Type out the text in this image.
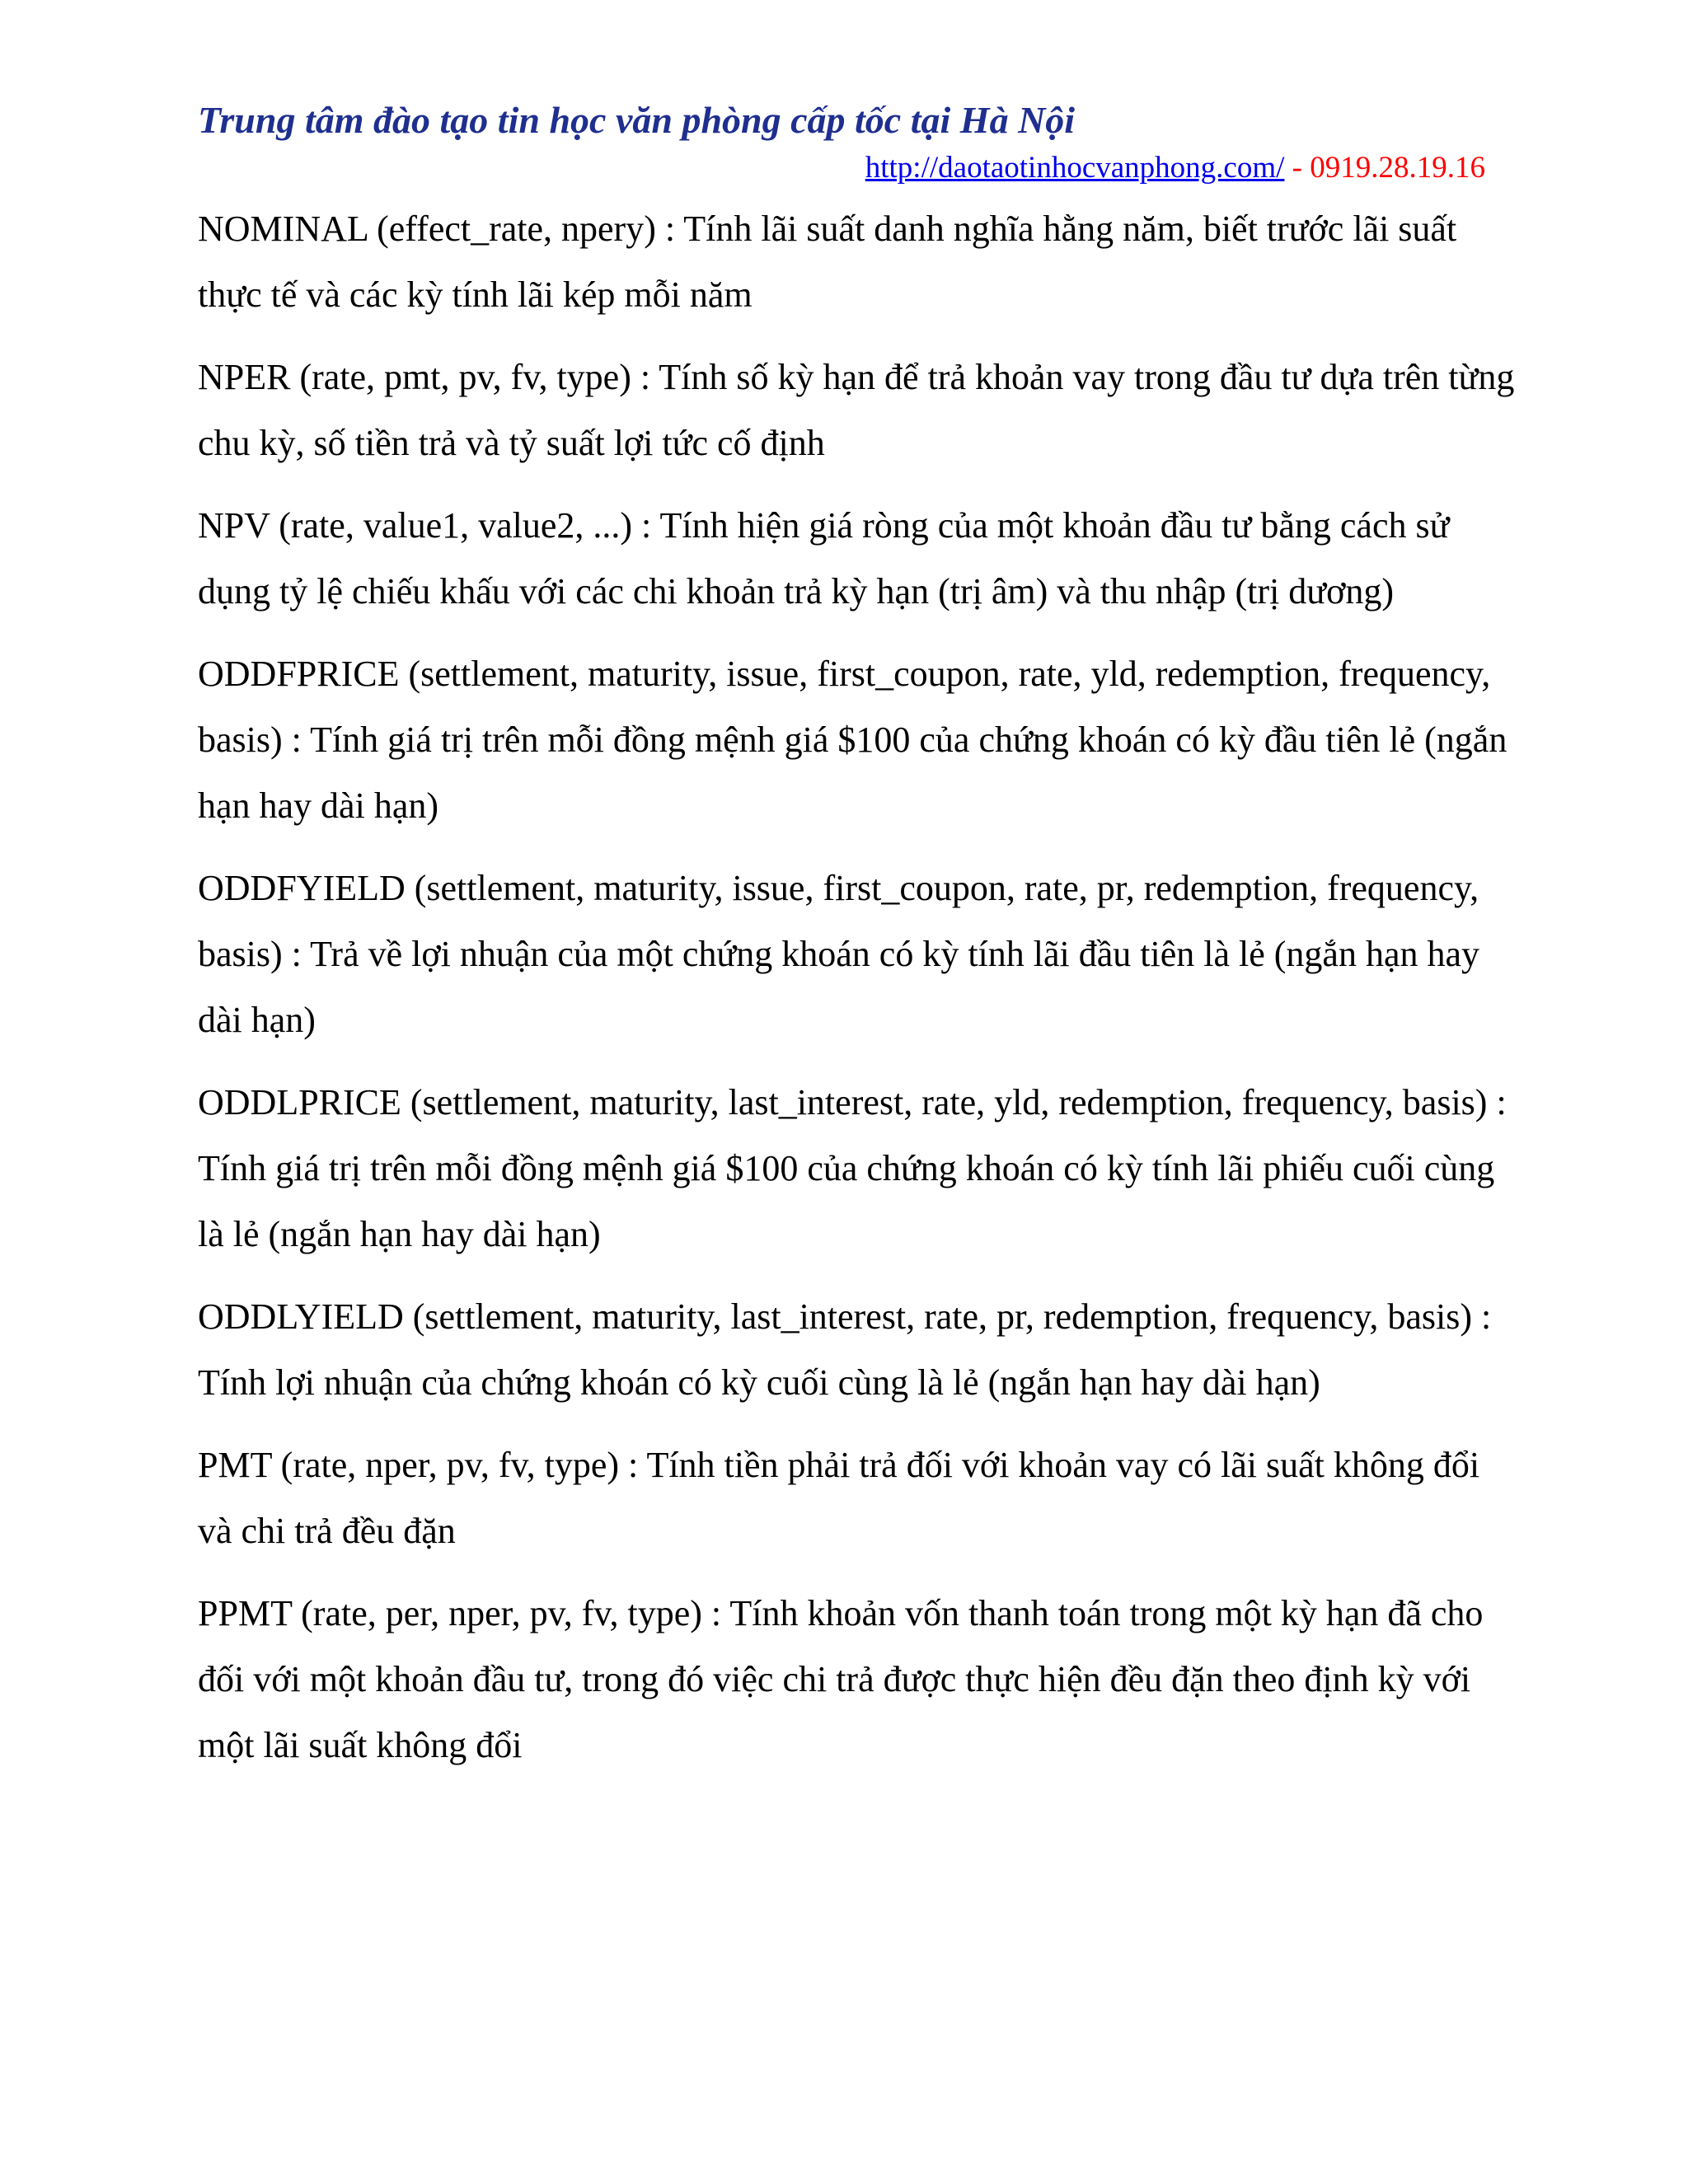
Trung tâm đào tạo tin học văn phòng cấp tốc tại Hà Nội
http://daotaotinhocvanphong.com/ - 0919.28.19.16

NOMINAL (effect_rate, npery) : Tính lãi suất danh nghĩa hằng năm, biết trước lãi suất thực tế và các kỳ tính lãi kép mỗi năm

NPER (rate, pmt, pv, fv, type) : Tính số kỳ hạn để trả khoản vay trong đầu tư dựa trên từng chu kỳ, số tiền trả và tỷ suất lợi tức cố định

NPV (rate, value1, value2, ...) : Tính hiện giá ròng của một khoản đầu tư bằng cách sử dụng tỷ lệ chiếu khấu với các chi khoản trả kỳ hạn (trị âm) và thu nhập (trị dương)

ODDFPRICE (settlement, maturity, issue, first_coupon, rate, yld, redemption, frequency, basis) : Tính giá trị trên mỗi đồng mệnh giá $100 của chứng khoán có kỳ đầu tiên lẻ (ngắn hạn hay dài hạn)

ODDFYIELD (settlement, maturity, issue, first_coupon, rate, pr, redemption, frequency, basis) : Trả về lợi nhuận của một chứng khoán có kỳ tính lãi đầu tiên là lẻ (ngắn hạn hay dài hạn)

ODDLPRICE (settlement, maturity, last_interest, rate, yld, redemption, frequency, basis) : Tính giá trị trên mỗi đồng mệnh giá $100 của chứng khoán có kỳ tính lãi phiếu cuối cùng là lẻ (ngắn hạn hay dài hạn)

ODDLYIELD (settlement, maturity, last_interest, rate, pr, redemption, frequency, basis) : Tính lợi nhuận của chứng khoán có kỳ cuối cùng là lẻ (ngắn hạn hay dài hạn)

PMT (rate, nper, pv, fv, type) : Tính tiền phải trả đối với khoản vay có lãi suất không đổi và chi trả đều đặn

PPMT (rate, per, nper, pv, fv, type) : Tính khoản vốn thanh toán trong một kỳ hạn đã cho đối với một khoản đầu tư, trong đó việc chi trả được thực hiện đều đặn theo định kỳ với một lãi suất không đổi
